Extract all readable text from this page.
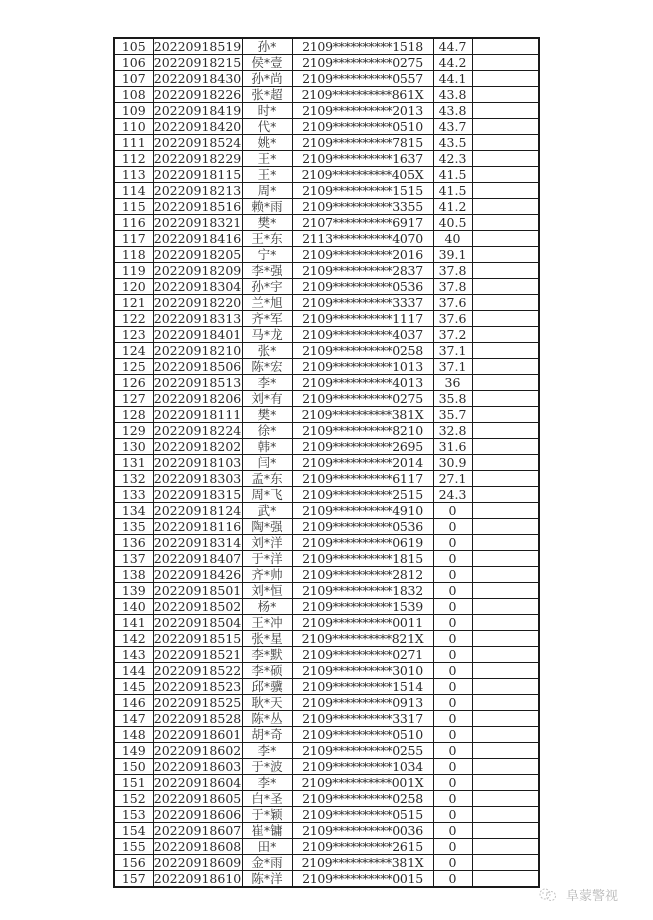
105	20220918519	孙*	2109**********1518	44.7	
106	20220918215	侯*壹	2109**********0275	44.2	
107	20220918430	孙*尚	2109**********0557	44.1	
108	20220918226	张*超	2109**********861X	43.8	
109	20220918419	时*	2109**********2013	43.8	
110	20220918420	代*	2109**********0510	43.7	
111	20220918524	姚*	2109**********7815	43.5	
112	20220918229	王*	2109**********1637	42.3	
113	20220918115	王*	2109**********405X	41.5	
114	20220918213	周*	2109**********1515	41.5	
115	20220918516	赖*雨	2109**********3355	41.2	
116	20220918321	樊*	2107**********6917	40.5	
117	20220918416	王*东	2113**********4070	40	
118	20220918205	宁*	2109**********2016	39.1	
119	20220918209	李*强	2109**********2837	37.8	
120	20220918304	孙*宇	2109**********0536	37.8	
121	20220918220	兰*旭	2109**********3337	37.6	
122	20220918313	齐*军	2109**********1117	37.6	
123	20220918401	马*龙	2109**********4037	37.2	
124	20220918210	张*	2109**********0258	37.1	
125	20220918506	陈*宏	2109**********1013	37.1	
126	20220918513	李*	2109**********4013	36	
127	20220918206	刘*有	2109**********0275	35.8	
128	20220918111	樊*	2109**********381X	35.7	
129	20220918224	徐*	2109**********8210	32.8	
130	20220918202	韩*	2109**********2695	31.6	
131	20220918103	闫*	2109**********2014	30.9	
132	20220918303	孟*东	2109**********6117	27.1	
133	20220918315	周*飞	2109**********2515	24.3	
134	20220918124	武*	2109**********4910	0	
135	20220918116	陶*强	2109**********0536	0	
136	20220918314	刘*洋	2109**********0619	0	
137	20220918407	于*洋	2109**********1815	0	
138	20220918426	齐*帅	2109**********2812	0	
139	20220918501	刘*恒	2109**********1832	0	
140	20220918502	杨*	2109**********1539	0	
141	20220918504	王*冲	2109**********0011	0	
142	20220918515	张*星	2109**********821X	0	
143	20220918521	李*默	2109**********0271	0	
144	20220918522	李*硕	2109**********3010	0	
145	20220918523	邱*骥	2109**********1514	0	
146	20220918525	耿*天	2109**********0913	0	
147	20220918528	陈*丛	2109**********3317	0	
148	20220918601	胡*奇	2109**********0510	0	
149	20220918602	李*	2109**********0255	0	
150	20220918603	于*波	2109**********1034	0	
151	20220918604	李*	2109**********001X	0	
152	20220918605	白*圣	2109**********0258	0	
153	20220918606	于*颖	2109**********0515	0	
154	20220918607	崔*镛	2109**********0036	0	
155	20220918608	田*	2109**********2615	0	
156	20220918609	金*雨	2109**********381X	0	
157	20220918610	陈*洋	2109**********0015	0	
阜蒙警视
